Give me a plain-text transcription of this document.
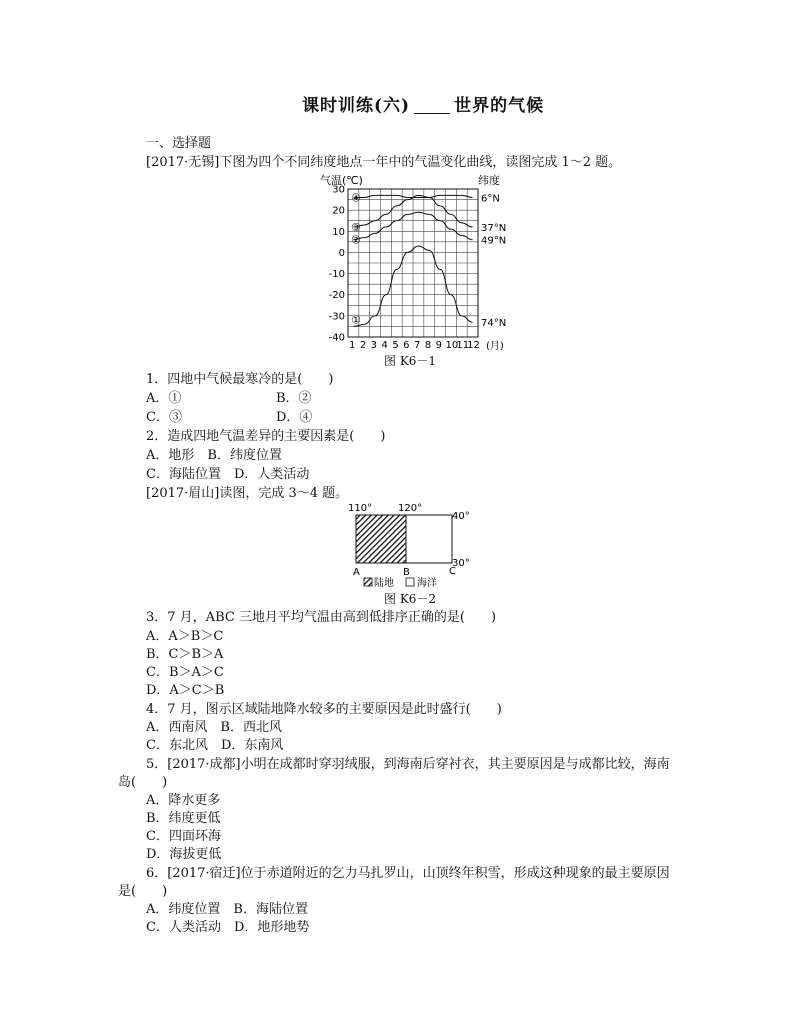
课时训练(六)	世界的气候
一、选择题
[2017·无锡]下图为四个不同纬度地点一年中的气温变化曲线，读图完成 1～2 题。
气温(℃)	纬度
30
20
10
0
-10
-20
-30
-40
1 2 3 4 5 6 7 8 9 10
11
12 (月)
④	6°N
③	37°N
②	49°N
①	74°N
图 K6－1
1．四地中气候最寒冷的是(　　)
A．①	B．②
C．③	D．④
2．造成四地气温差异的主要因素是(　　)
A．地形　B．纬度位置
C．海陆位置　D．人类活动
[2017·眉山]读图，完成 3～4 题。
110°	120°
40°
30°
A	B	C
陆地 海洋
图 K6－2
3．7 月，ABC 三地月平均气温由高到低排序正确的是(　　)
A．A＞B＞C
B．C＞B＞A
C．B＞A＞C
D．A＞C＞B
4．7 月，图示区域陆地降水较多的主要原因是此时盛行(　　)
A．西南风　B．西北风
C．东北风　D．东南风
5．[2017·成都]小明在成都时穿羽绒服，到海南后穿衬衣，其主要原因是与成都比较，海南
岛(　　)
A．降水更多
B．纬度更低
C．四面环海
D．海拔更低
6．[2017·宿迁]位于赤道附近的乞力马扎罗山，山顶终年积雪，形成这种现象的最主要原因
是(　　)
A．纬度位置　B．海陆位置
C．人类活动　D．地形地势
